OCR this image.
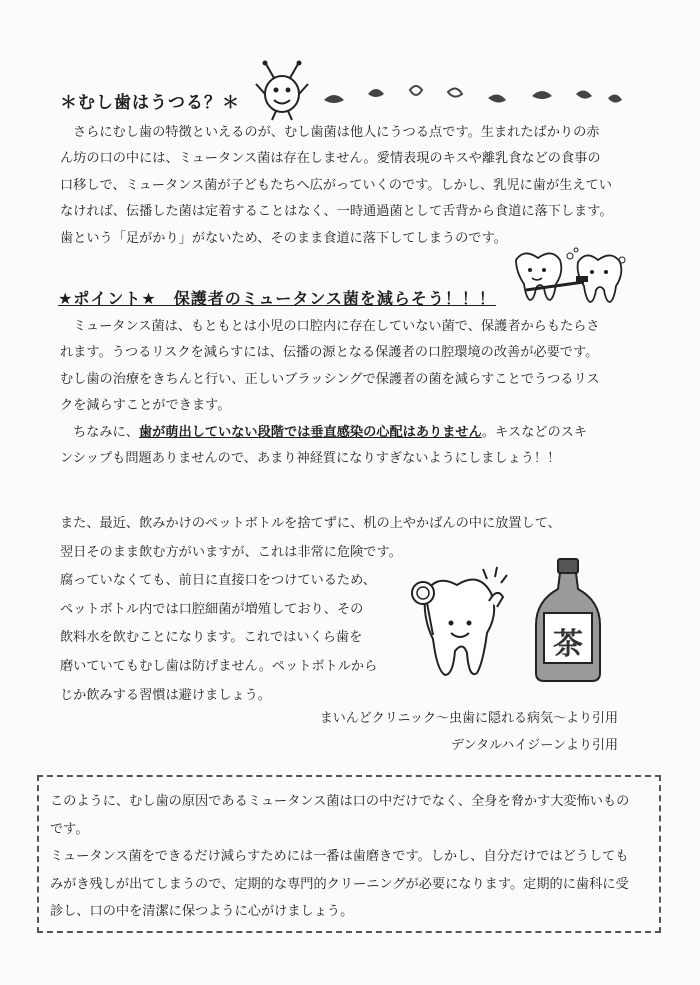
＊むし歯はうつる？＊
さらにむし歯の特徴といえるのが、むし歯菌は他人にうつる点です。生まれたばかりの赤
ん坊の口の中には、ミュータンス菌は存在しません。愛情表現のキスや離乳食などの食事の
口移しで、ミュータンス菌が子どもたちへ広がっていくのです。しかし、乳児に歯が生えてい
なければ、伝播した菌は定着することはなく、一時通過菌として舌背から食道に落下します。
歯という「足がかり」がないため、そのまま食道に落下してしまうのです。
★ポイント★　保護者のミュータンス菌を減らそう！！！
ミュータンス菌は、もともとは小児の口腔内に存在していない菌で、保護者からもたらさ
れます。うつるリスクを減らすには、伝播の源となる保護者の口腔環境の改善が必要です。
むし歯の治療をきちんと行い、正しいブラッシングで保護者の菌を減らすことでうつるリス
クを減らすことができます。
ちなみに、歯が萌出していない段階では垂直感染の心配はありません。キスなどのスキ
ンシップも問題ありませんので、あまり神経質になりすぎないようにしましょう！！
また、最近、飲みかけのペットボトルを捨てずに、机の上やかばんの中に放置して、
翌日そのまま飲む方がいますが、これは非常に危険です。
腐っていなくても、前日に直接口をつけているため、
ペットボトル内では口腔細菌が増殖しており、その
飲料水を飲むことになります。これではいくら歯を
磨いていてもむし歯は防げません。ペットボトルから
じか飲みする習慣は避けましょう。
茶
まいんどクリニック～虫歯に隠れる病気～より引用
デンタルハイジーンより引用
このように、むし歯の原因であるミュータンス菌は口の中だけでなく、全身を脅かす大変怖いもの
です。
ミュータンス菌をできるだけ減らすためには一番は歯磨きです。しかし、自分だけではどうしても
みがき残しが出てしまうので、定期的な専門的クリーニングが必要になります。定期的に歯科に受
診し、口の中を清潔に保つように心がけましょう。
